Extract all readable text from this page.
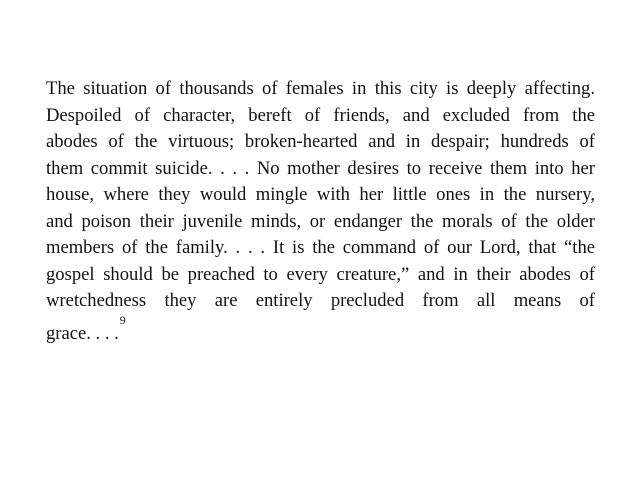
The situation of thousands of females in this city is deeply affecting.
Despoiled of character, bereft of friends, and excluded from the
abodes of the virtuous; broken-hearted and in despair; hundreds of
them commit suicide. . . . No mother desires to receive them into her
house, where they would mingle with her little ones in the nursery,
and poison their juvenile minds, or endanger the morals of the older
members of the family. . . . It is the command of our Lord, that “the
gospel should be preached to every creature,” and in their abodes of
wretchedness they are entirely precluded from all means of
grace. . . .$^9$
